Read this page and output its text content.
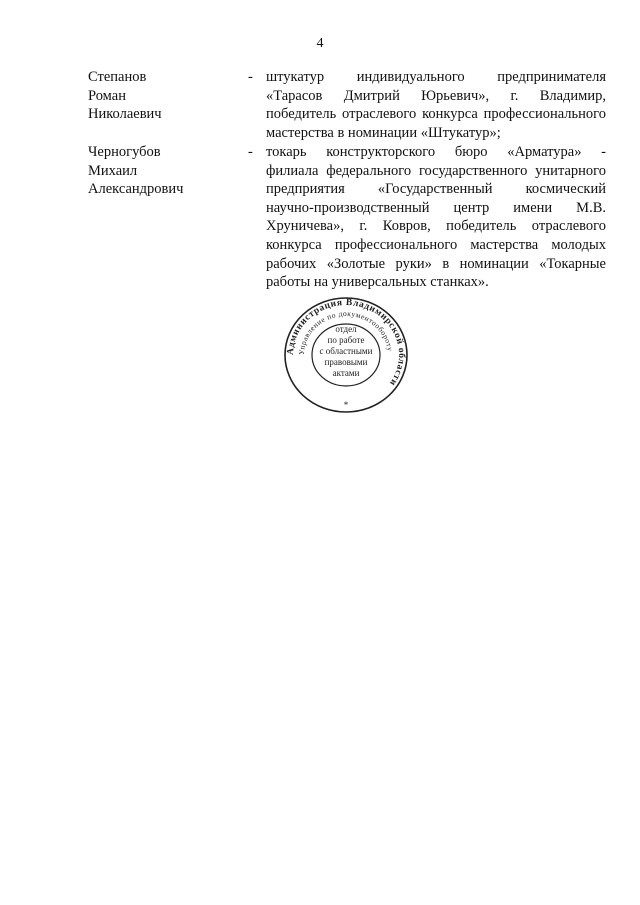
4
Степанов
Роман
Николаевич
- штукатур индивидуального предпринимателя
«Тарасов Дмитрий Юрьевич», г. Владимир,
победитель отраслевого конкурса профессионального
мастерства в номинации «Штукатур»;
Черногубов
Михаил
Александрович
- токарь конструкторского бюро «Арматура» -
филиала федерального государственного унитарного
предприятия «Государственный космический
научно-производственный центр имени М.В.
Хруничева», г. Ковров, победитель отраслевого
конкурса профессионального мастерства молодых
рабочих «Золотые руки» в номинации «Токарные
работы на универсальных станках».
Администрация Владимирской области
Управление по документообороту
*
отдел
по работе
с областными
правовыми
актами
